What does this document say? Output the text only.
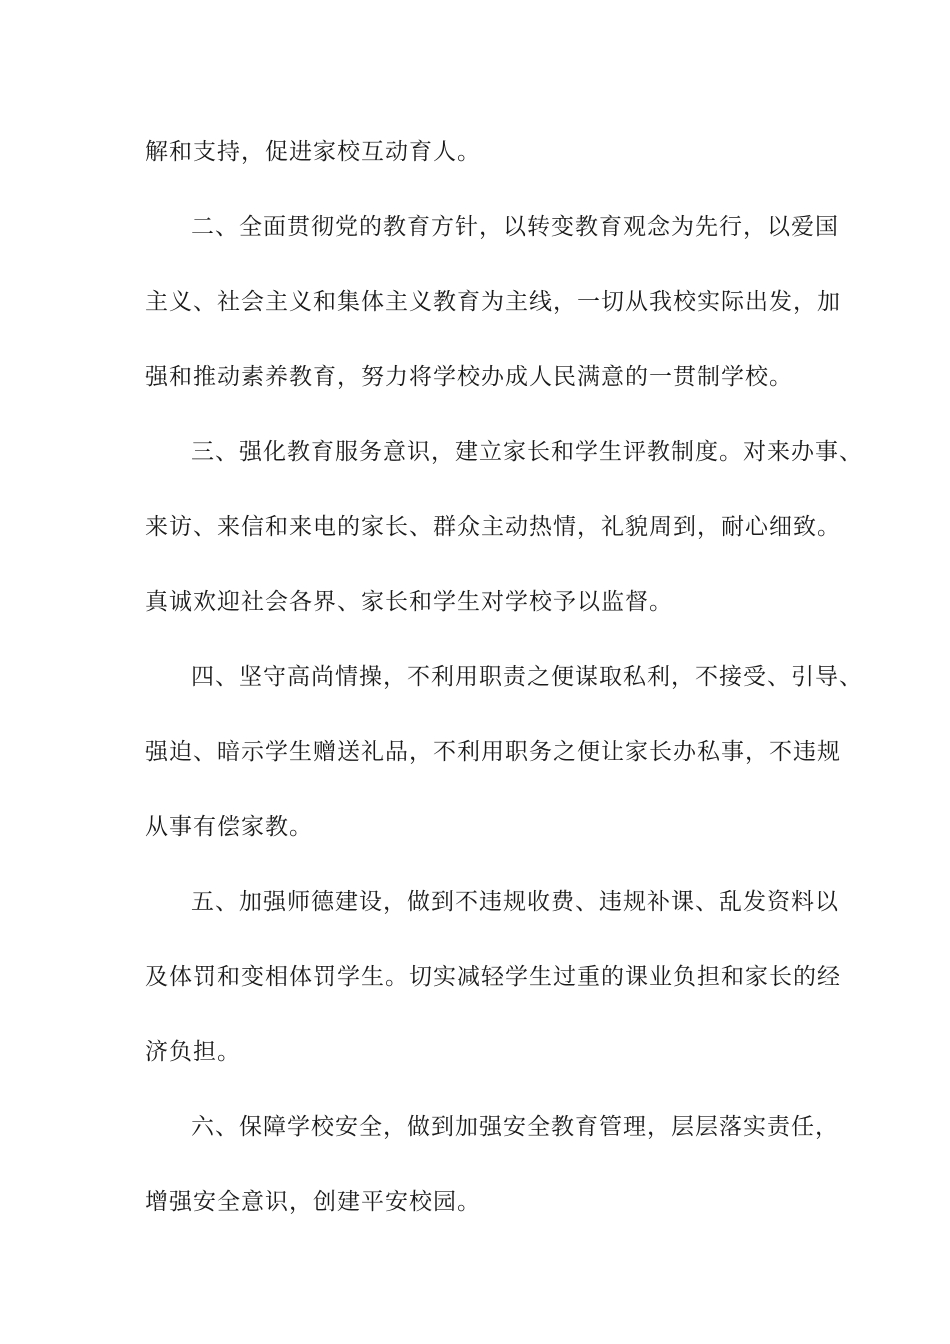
解和支持，促进家校互动育人。
二、全面贯彻党的教育方针，以转变教育观念为先行，以爱国
主义、社会主义和集体主义教育为主线，一切从我校实际出发，加
强和推动素养教育，努力将学校办成人民满意的一贯制学校。
三、强化教育服务意识，建立家长和学生评教制度。对来办事、
来访、来信和来电的家长、群众主动热情，礼貌周到，耐心细致。
真诚欢迎社会各界、家长和学生对学校予以监督。
四、坚守高尚情操，不利用职责之便谋取私利，不接受、引导、
强迫、暗示学生赠送礼品，不利用职务之便让家长办私事，不违规
从事有偿家教。
五、加强师德建设，做到不违规收费、违规补课、乱发资料以
及体罚和变相体罚学生。切实减轻学生过重的课业负担和家长的经
济负担。
六、保障学校安全，做到加强安全教育管理，层层落实责任，
增强安全意识，创建平安校园。
